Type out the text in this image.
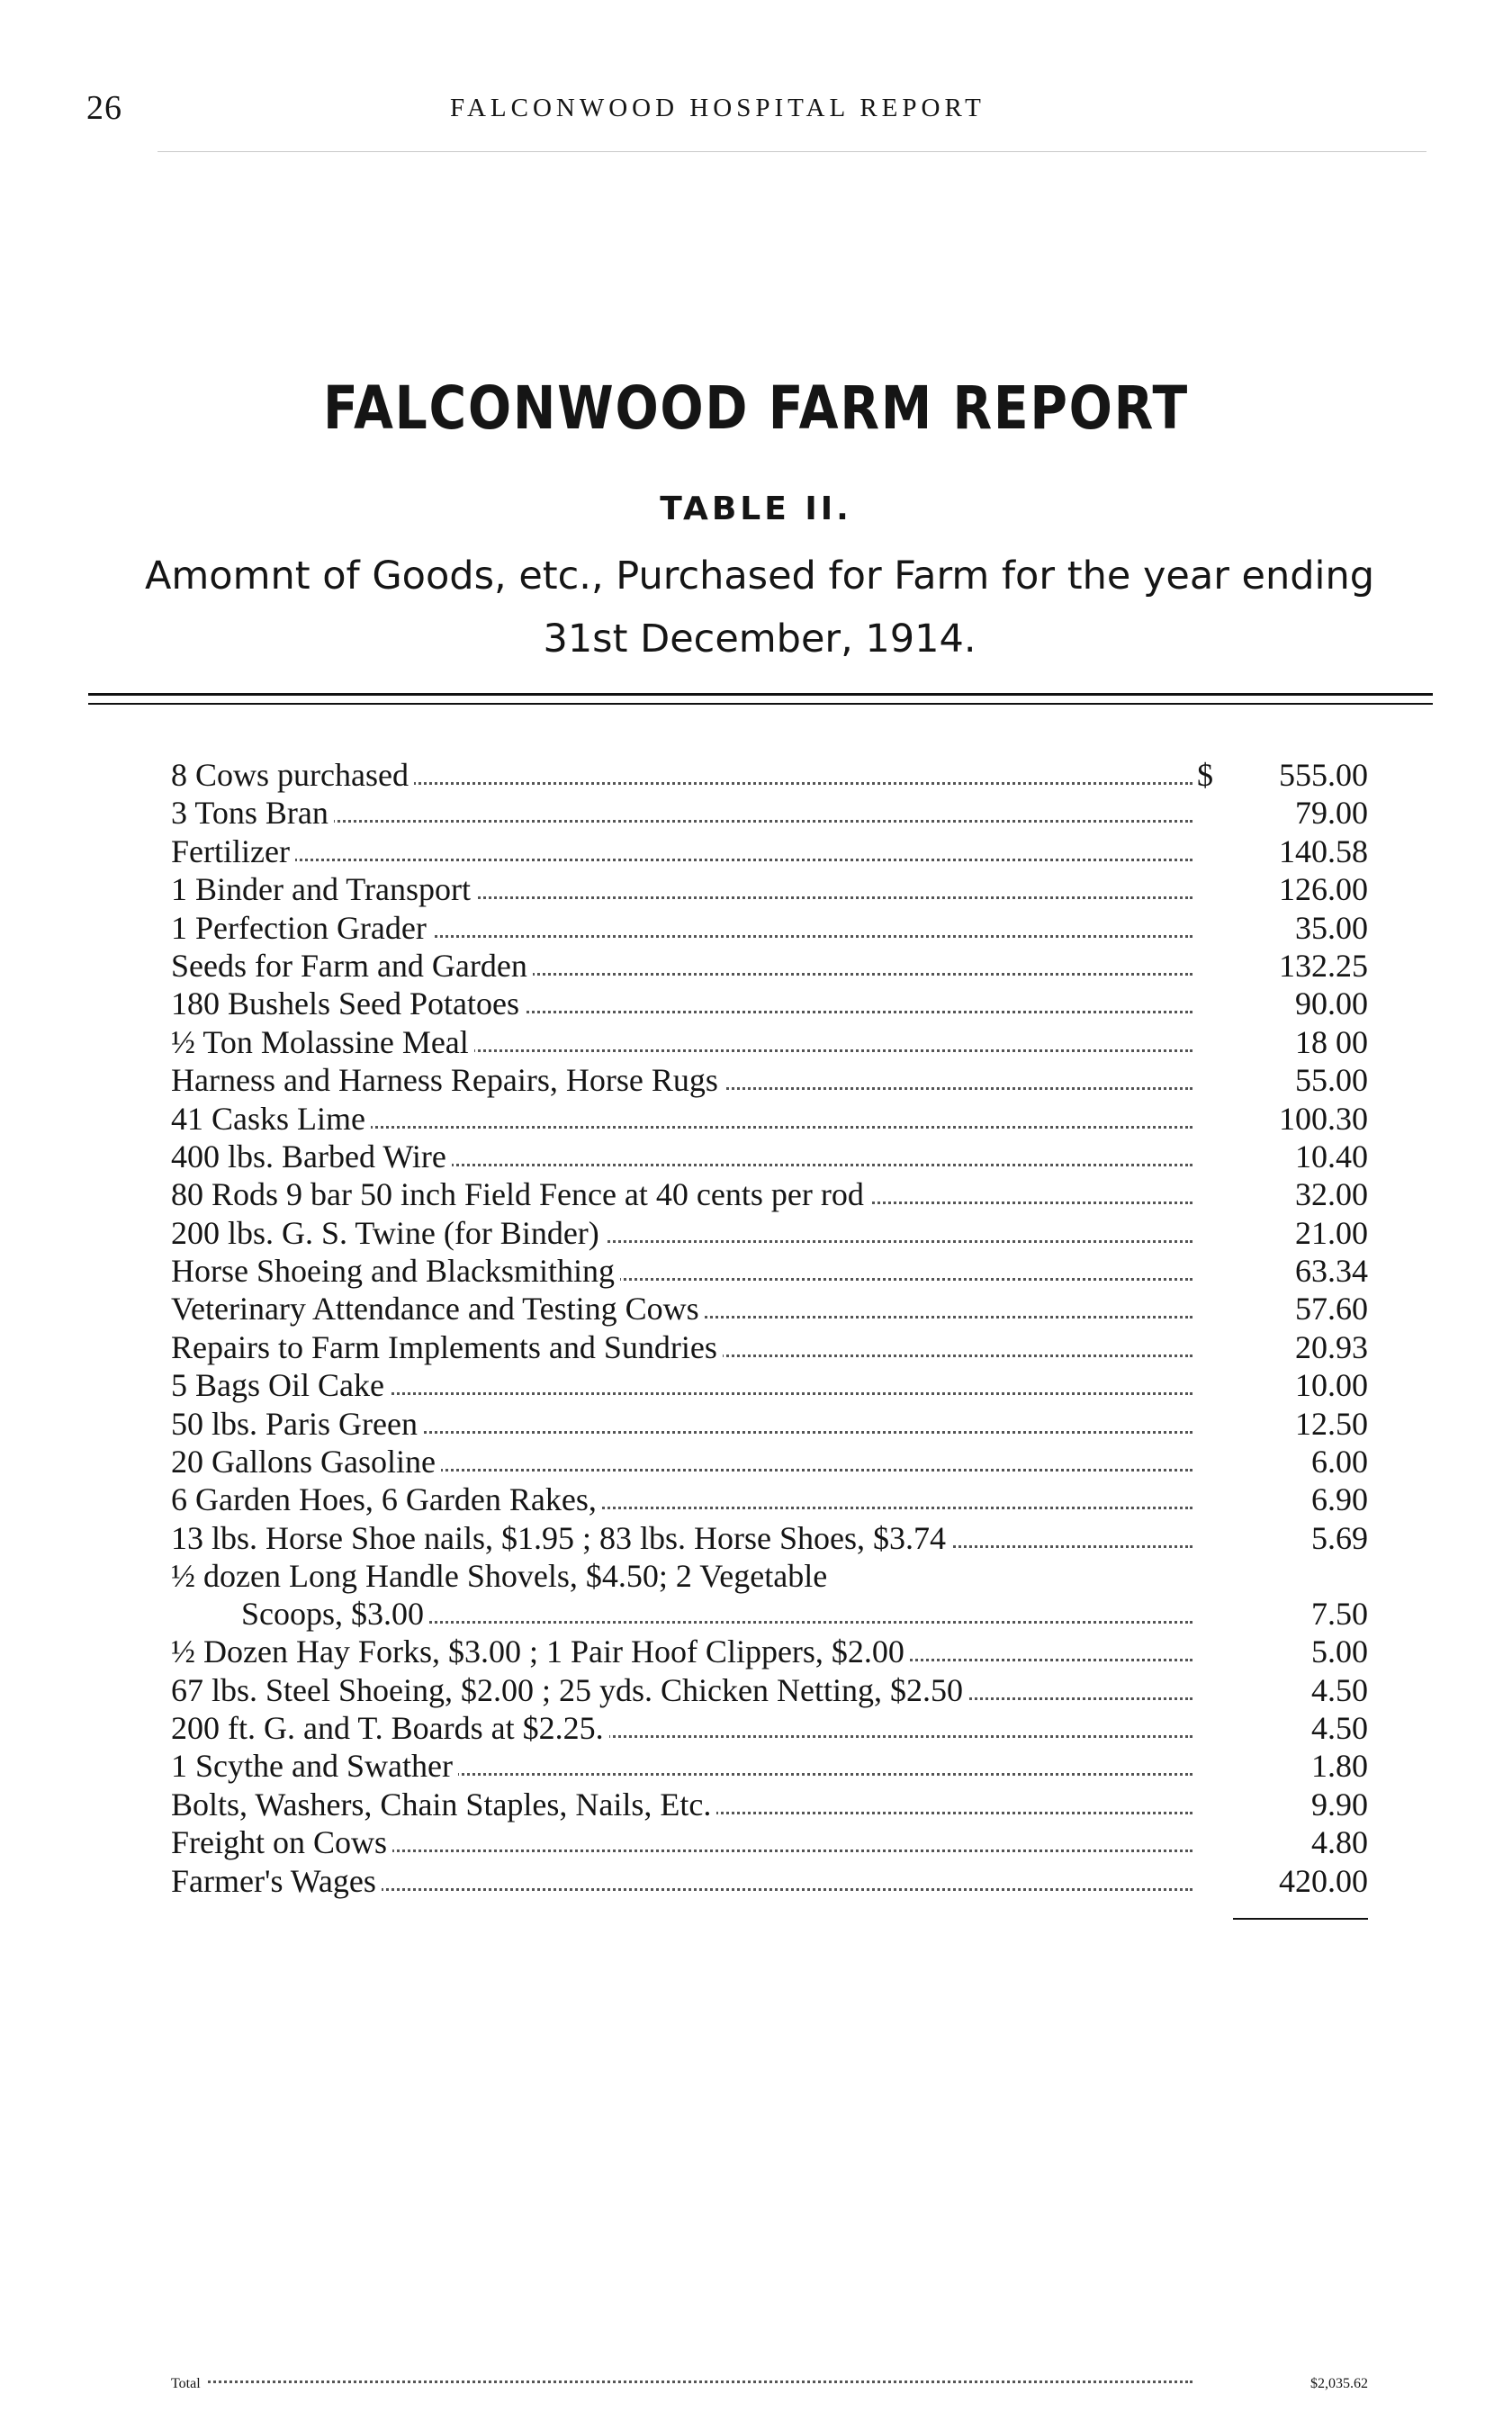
26	FALCONWOOD HOSPITAL REPORT
FALCONWOOD FARM REPORT
TABLE II.
Amomnt of Goods, etc., Purchased for Farm for the year ending
31st December, 1914.
8 Cows purchased	$	555.00
3 Tons Bran	79.00
Fertilizer	140.58
1 Binder and Transport	126.00
1 Perfection Grader	35.00
Seeds for Farm and Garden	132.25
180 Bushels Seed Potatoes	90.00
½ Ton Molassine Meal	18 00
Harness and Harness Repairs, Horse Rugs	55.00
41 Casks Lime	100.30
400 lbs. Barbed Wire	10.40
80 Rods 9 bar 50 inch Field Fence at 40 cents per rod	32.00
200 lbs. G. S. Twine (for Binder)	21.00
Horse Shoeing and Blacksmithing	63.34
Veterinary Attendance and Testing Cows	57.60
Repairs to Farm Implements and Sundries	20.93
5 Bags Oil Cake	10.00
50 lbs. Paris Green	12.50
20 Gallons Gasoline	6.00
6 Garden Hoes, 6 Garden Rakes,	6.90
13 lbs. Horse Shoe nails, $1.95 ; 83 lbs. Horse Shoes, $3.74	5.69
½ dozen Long Handle Shovels, $4.50; 2 Vegetable
Scoops, $3.00	7.50
½ Dozen Hay Forks, $3.00 ; 1 Pair Hoof Clippers, $2.00	5.00
67 lbs. Steel Shoeing, $2.00 ; 25 yds. Chicken Netting, $2.50	4.50
200 ft. G. and T. Boards at $2.25.	4.50
1 Scythe and Swather	1.80
Bolts, Washers, Chain Staples, Nails, Etc.	9.90
Freight on Cows	4.80
Farmer's Wages	420.00
Total	$2,035.62
